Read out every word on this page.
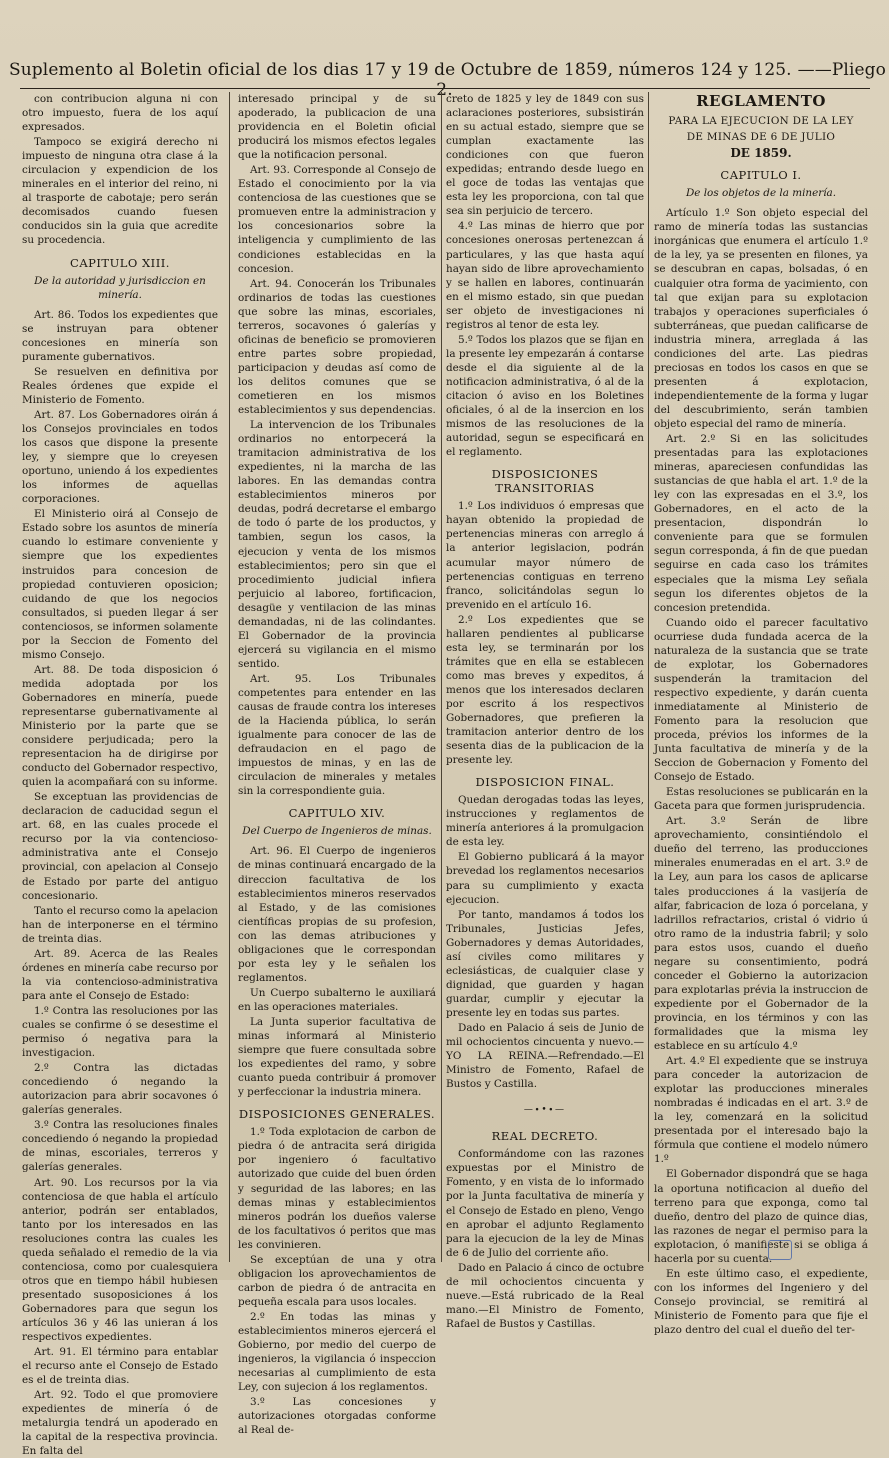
Suplemento al Boletin oficial de los dias 17 y 19 de Octubre de 1859, números 124 y 125. ——Pliego 2.

con contribucion alguna ni con otro impuesto, fuera de los aquí expresados.

Tampoco se exigirá derecho ni impuesto de ninguna otra clase á la circulacion y expendicion de los minerales en el interior del reino, ni al trasporte de cabotaje; pero serán decomisados cuando fuesen conducidos sin la guia que acredite su procedencia.

CAPITULO XIII.
De la autoridad y jurisdiccion en minería.

Art. 86. Todos los expedientes que se instruyan para obtener concesiones en minería son puramente gubernativos.

Se resuelven en definitiva por Reales órdenes que expide el Ministerio de Fomento.

Art. 87. Los Gobernadores oirán á los Consejos provinciales en todos los casos que dispone la presente ley, y siempre que lo creyesen oportuno, uniendo á los expedientes los informes de aquellas corporaciones.

El Ministerio oirá al Consejo de Estado sobre los asuntos de minería cuando lo estimare conveniente y siempre que los expedientes instruidos para concesion de propiedad contuvieren oposicion; cuidando de que los negocios consultados, si pueden llegar á ser contenciosos, se informen solamente por la Seccion de Fomento del mismo Consejo.

Art. 88. De toda disposicion ó medida adoptada por los Gobernadores en minería, puede representarse gubernativamente al Ministerio por la parte que se considere perjudicada; pero la representacion ha de dirigirse por conducto del Gobernador respectivo, quien la acompañará con su informe.

Se exceptuan las providencias de declaracion de caducidad segun el art. 68, en las cuales procede el recurso por la via contencioso-administrativa ante el Consejo provincial, con apelacion al Consejo de Estado por parte del antiguo concesionario.

Tanto el recurso como la apelacion han de interponerse en el término de treinta dias.

Art. 89. Acerca de las Reales órdenes en minería cabe recurso por la via contencioso-administrativa para ante el Consejo de Estado:

1.º Contra las resoluciones por las cuales se confirme ó se desestime el permiso ó negativa para la investigacion.

2.º Contra las dictadas concediendo ó negando la autorizacion para abrir socavones ó galerías generales.

3.º Contra las resoluciones finales concediendo ó negando la propiedad de minas, escoriales, terreros y galerías generales.

Art. 90. Los recursos por la via contenciosa de que habla el artículo anterior, podrán ser entablados, tanto por los interesados en las resoluciones contra las cuales les queda señalado el remedio de la via contenciosa, como por cualesquiera otros que en tiempo hábil hubiesen presentado susoposiciones á los Gobernadores para que segun los artículos 36 y 46 las unieran á los respectivos expedientes.

Art. 91. El término para entablar el recurso ante el Consejo de Estado es el de treinta dias.

Art. 92. Todo el que promoviere expedientes de minería ó de metalurgia tendrá un apoderado en la capital de la respectiva provincia. En falta del

interesado principal y de su apoderado, la publicacion de una providencia en el Boletin oficial producirá los mismos efectos legales que la notificacion personal.

Art. 93. Corresponde al Consejo de Estado el conocimiento por la via contenciosa de las cuestiones que se promueven entre la administracion y los concesionarios sobre la inteligencia y cumplimiento de las condiciones establecidas en la concesion.

Art. 94. Conocerán los Tribunales ordinarios de todas las cuestiones que sobre las minas, escoriales, terreros, socavones ó galerías y oficinas de beneficio se promovieren entre partes sobre propiedad, participacion y deudas así como de los delitos comunes que se cometieren en los mismos establecimientos y sus dependencias.

La intervencion de los Tribunales ordinarios no entorpecerá la tramitacion administrativa de los expedientes, ni la marcha de las labores. En las demandas contra establecimientos mineros por deudas, podrá decretarse el embargo de todo ó parte de los productos, y tambien, segun los casos, la ejecucion y venta de los mismos establecimientos; pero sin que el procedimiento judicial infiera perjuicio al laboreo, fortificacion, desagüe y ventilacion de las minas demandadas, ni de las colindantes. El Gobernador de la provincia ejercerá su vigilancia en el mismo sentido.

Art. 95. Los Tribunales competentes para entender en las causas de fraude contra los intereses de la Hacienda pública, lo serán igualmente para conocer de las de defraudacion en el pago de impuestos de minas, y en las de circulacion de minerales y metales sin la correspondiente guia.

CAPITULO XIV.
Del Cuerpo de Ingenieros de minas.

Art. 96. El Cuerpo de ingenieros de minas continuará encargado de la direccion facultativa de los establecimientos mineros reservados al Estado, y de las comisiones científicas propias de su profesion, con las demas atribuciones y obligaciones que le correspondan por esta ley y le señalen los reglamentos.

Un Cuerpo subalterno le auxiliará en las operaciones materiales.

La Junta superior facultativa de minas informará al Ministerio siempre que fuere consultada sobre los expedientes del ramo, y sobre cuanto pueda contribuir á promover y perfeccionar la industria minera.

DISPOSICIONES GENERALES.

1.º Toda explotacion de carbon de piedra ó de antracita será dirigida por ingeniero ó facultativo autorizado que cuide del buen órden y seguridad de las labores; en las demas minas y establecimientos mineros podrán los dueños valerse de los facultativos ó peritos que mas les convinieren.

Se exceptúan de una y otra obligacion los aprovechamientos de carbon de piedra ó de antracita en pequeña escala para usos locales.

2.º En todas las minas y establecimientos mineros ejercerá el Gobierno, por medio del cuerpo de ingenieros, la vigilancia ó inspeccion necesarias al cumplimiento de esta Ley, con sujecion á los reglamentos.

3.º Las concesiones y autorizaciones otorgadas conforme al Real de-

creto de 1825 y ley de 1849 con sus aclaraciones posteriores, subsistirán en su actual estado, siempre que se cumplan exactamente las condiciones con que fueron expedidas; entrando desde luego en el goce de todas las ventajas que esta ley les proporciona, con tal que sea sin perjuicio de tercero.

4.º Las minas de hierro que por concesiones onerosas pertenezcan á particulares, y las que hasta aquí hayan sido de libre aprovechamiento y se hallen en labores, continuarán en el mismo estado, sin que puedan ser objeto de investigaciones ni registros al tenor de esta ley.

5.º Todos los plazos que se fijan en la presente ley empezarán á contarse desde el dia siguiente al de la notificacion administrativa, ó al de la citacion ó aviso en los Boletines oficiales, ó al de la insercion en los mismos de las resoluciones de la autoridad, segun se especificará en el reglamento.

DISPOSICIONES TRANSITORIAS

1.º Los individuos ó empresas que hayan obtenido la propiedad de pertenencias mineras con arreglo á la anterior legislacion, podrán acumular mayor número de pertenencias contiguas en terreno franco, solicitándolas segun lo prevenido en el artículo 16.

2.º Los expedientes que se hallaren pendientes al publicarse esta ley, se terminarán por los trámites que en ella se establecen como mas breves y expeditos, á menos que los interesados declaren por escrito á los respectivos Gobernadores, que prefieren la tramitacion anterior dentro de los sesenta dias de la publicacion de la presente ley.

DISPOSICION FINAL.

Quedan derogadas todas las leyes, instrucciones y reglamentos de minería anteriores á la promulgacion de esta ley.

El Gobierno publicará á la mayor brevedad los reglamentos necesarios para su cumplimiento y exacta ejecucion.

Por tanto, mandamos á todos los Tribunales, Justicias Jefes, Gobernadores y demas Autoridades, así civiles como militares y eclesiásticas, de cualquier clase y dignidad, que guarden y hagan guardar, cumplir y ejecutar la presente ley en todas sus partes.

Dado en Palacio á seis de Junio de mil ochocientos cincuenta y nuevo.—YO LA REINA.—Refrendado.—El Ministro de Fomento, Rafael de Bustos y Castilla.

—∙•∙—
REAL DECRETO.

Conformándome con las razones expuestas por el Ministro de Fomento, y en vista de lo informado por la Junta facultativa de minería y el Consejo de Estado en pleno, Vengo en aprobar el adjunto Reglamento para la ejecucion de la ley de Minas de 6 de Julio del corriente año.

Dado en Palacio á cinco de octubre de mil ochocientos cincuenta y nueve.—Está rubricado de la Real mano.—El Ministro de Fomento, Rafael de Bustos y Castillas.

REGLAMENTO
PARA LA EJECUCION DE LA LEY
DE MINAS DE 6 DE JULIO
DE 1859.
CAPITULO I.
De los objetos de la minería.

Artículo 1.º Son objeto especial del ramo de minería todas las sustancias inorgánicas que enumera el artículo 1.º de la ley, ya se presenten en filones, ya se descubran en capas, bolsadas, ó en cualquier otra forma de yacimiento, con tal que exijan para su explotacion trabajos y operaciones superficiales ó subterráneas, que puedan calificarse de industria minera, arreglada á las condiciones del arte. Las piedras preciosas en todos los casos en que se presenten á explotacion, independientemente de la forma y lugar del descubrimiento, serán tambien objeto especial del ramo de minería.

Art. 2.º Si en las solicitudes presentadas para las explotaciones mineras, apareciesen confundidas las sustancias de que habla el art. 1.º de la ley con las expresadas en el 3.º, los Gobernadores, en el acto de la presentacion, dispondrán lo conveniente para que se formulen segun corresponda, á fin de que puedan seguirse en cada caso los trámites especiales que la misma Ley señala segun los diferentes objetos de la concesion pretendida.

Cuando oido el parecer facultativo ocurriese duda fundada acerca de la naturaleza de la sustancia que se trate de explotar, los Gobernadores suspenderán la tramitacion del respectivo expediente, y darán cuenta inmediatamente al Ministerio de Fomento para la resolucion que proceda, prévios los informes de la Junta facultativa de minería y de la Seccion de Gobernacion y Fomento del Consejo de Estado.

Estas resoluciones se publicarán en la Gaceta para que formen jurisprudencia.

Art. 3.º Serán de libre aprovechamiento, consintiéndolo el dueño del terreno, las producciones minerales enumeradas en el art. 3.º de la Ley, aun para los casos de aplicarse tales producciones á la vasijería de alfar, fabricacion de loza ó porcelana, y ladrillos refractarios, cristal ó vidrio ú otro ramo de la industria fabril; y solo para estos usos, cuando el dueño negare su consentimiento, podrá conceder el Gobierno la autorizacion para explotarlas prévia la instruccion de expediente por el Gobernador de la provincia, en los términos y con las formalidades que la misma ley establece en su artículo 4.º

Art. 4.º El expediente que se instruya para conceder la autorizacion de explotar las producciones minerales nombradas é indicadas en el art. 3.º de la ley, comenzará en la solicitud presentada por el interesado bajo la fórmula que contiene el modelo número 1.º

El Gobernador dispondrá que se haga la oportuna notificacion al dueño del terreno para que exponga, como tal dueño, dentro del plazo de quince dias, las razones de negar el permiso para la explotacion, ó manifieste si se obliga á hacerla por su cuenta.

En este último caso, el expediente, con los informes del Ingeniero y del Consejo provincial, se remitirá al Ministerio de Fomento para que fije el plazo dentro del cual el dueño del ter-
